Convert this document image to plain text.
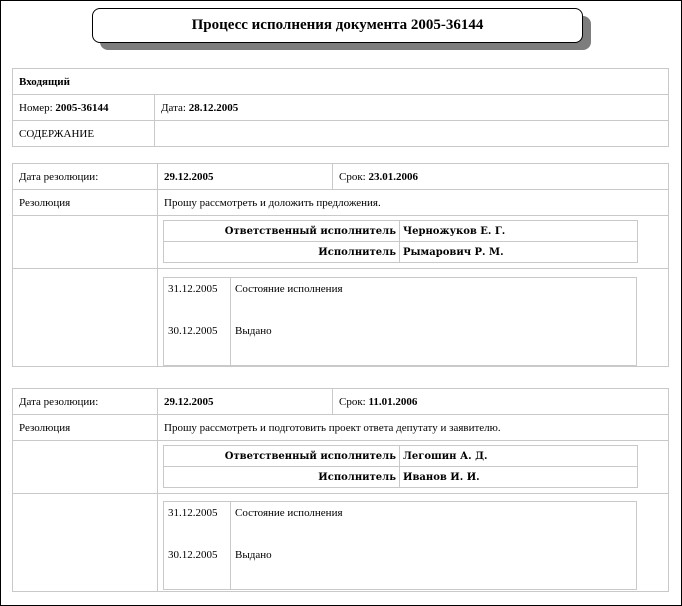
Процесс исполнения документа 2005-36144
Входящий	
Номер: 2005-36144	Дата: 28.12.2005
СОДЕРЖАНИЕ	
Дата резолюции:	29.12.2005	Срок: 23.01.2006
Резолюция	Прошу рассмотреть и доложить предложения.	

Ответственный исполнитель	Черножуков Е. Г.
Исполнитель	Рымарович Р. М.
31.12.2005 Состояние исполнения
30.12.2005 Выдано
Дата резолюции:	29.12.2005	Срок: 11.01.2006
Резолюция	Прошу рассмотреть и подготовить проект ответа депутату и заявителю.	

Ответственный исполнитель	Легошин А. Д.
Исполнитель	Иванов И. И.
31.12.2005 Состояние исполнения
30.12.2005 Выдано
